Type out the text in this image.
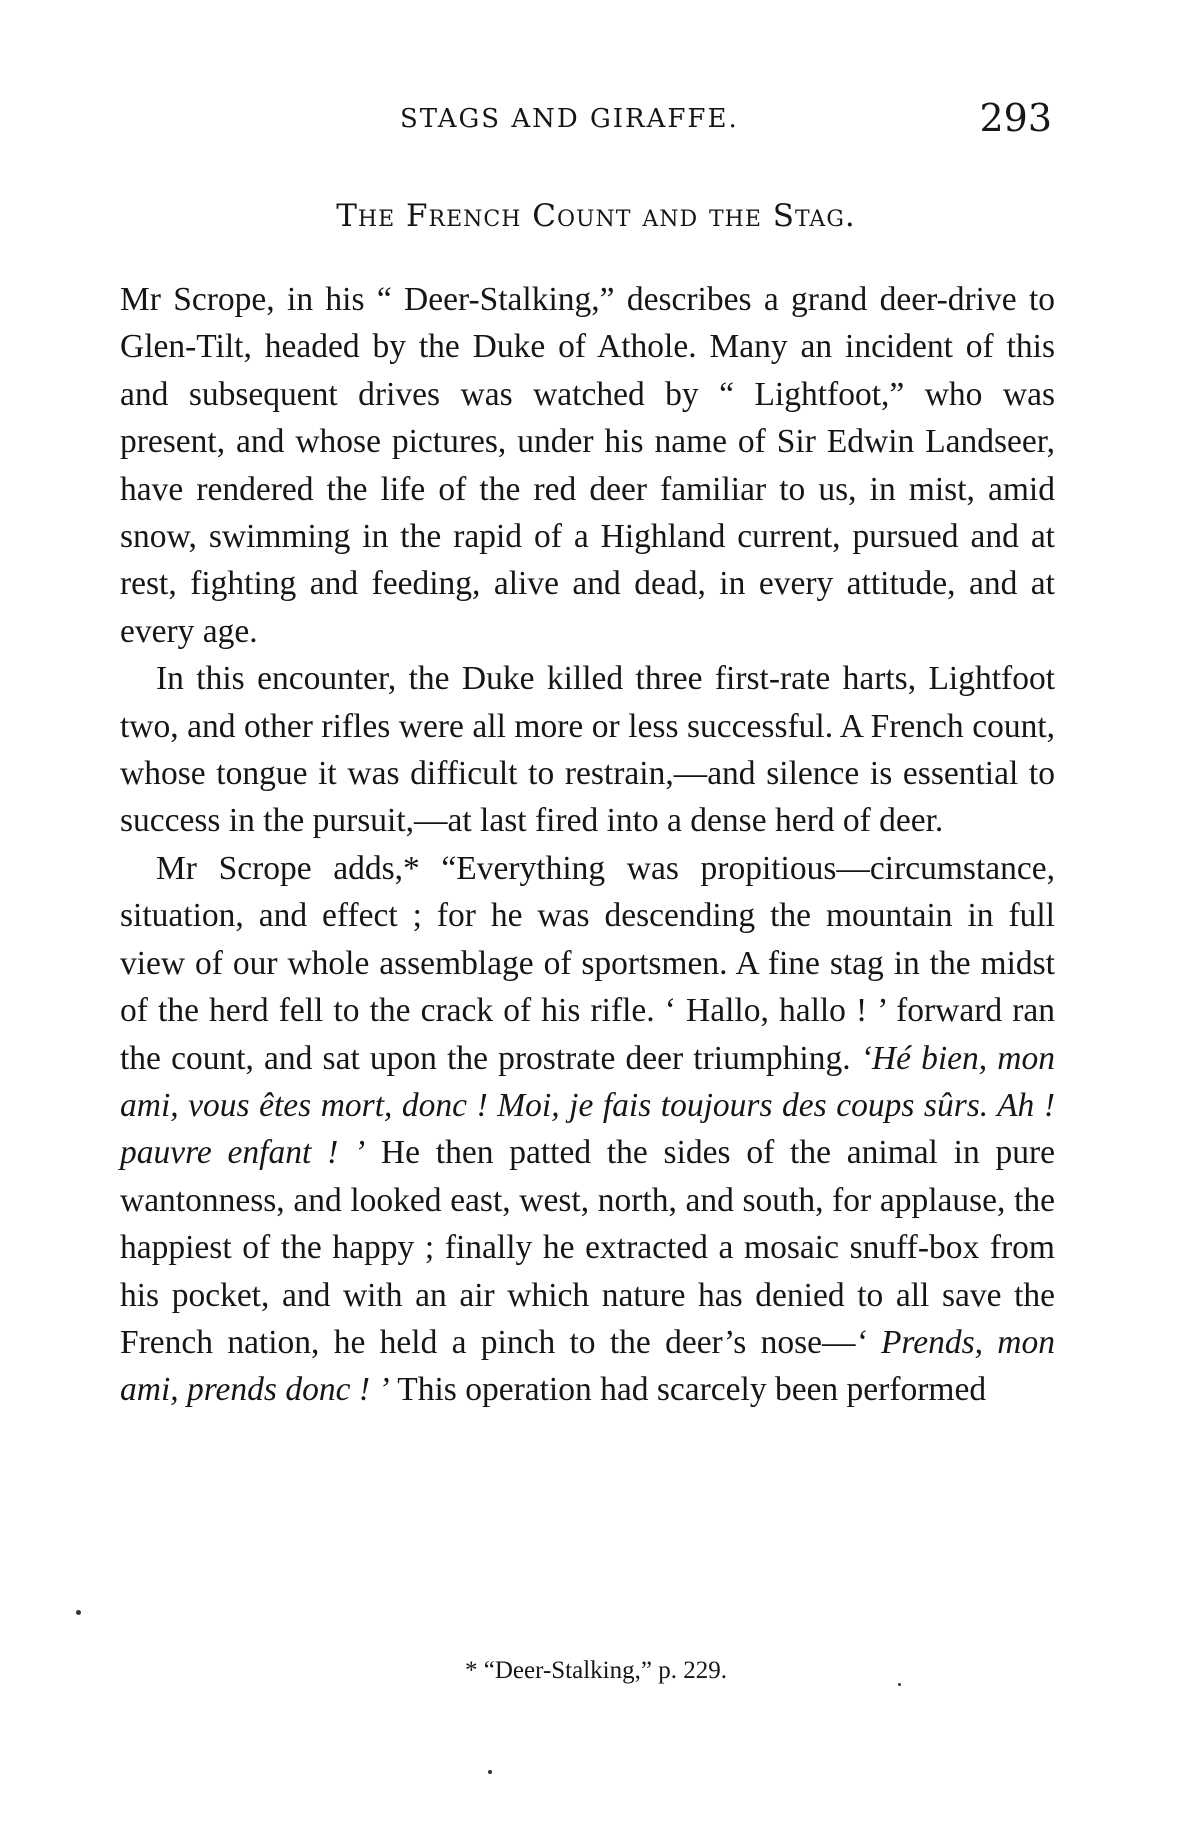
STAGS AND GIRAFFE.	293
The French Count and the Stag.

Mr Scrope, in his “ Deer-Stalking,” describes a grand deer-drive to Glen-Tilt, headed by the Duke of Athole. Many an incident of this and subsequent drives was watched by “ Lightfoot,” who was present, and whose pictures, under his name of Sir Edwin Landseer, have rendered the life of the red deer familiar to us, in mist, amid snow, swimming in the rapid of a Highland current, pursued and at rest, fighting and feeding, alive and dead, in every attitude, and at every age.

In this encounter, the Duke killed three first-rate harts, Lightfoot two, and other rifles were all more or less successful. A French count, whose tongue it was difficult to restrain,—and silence is essential to success in the pursuit,—at last fired into a dense herd of deer.

Mr Scrope adds,* “Everything was propitious—circumstance, situation, and effect ; for he was descending the mountain in full view of our whole assemblage of sportsmen. A fine stag in the midst of the herd fell to the crack of his rifle. ‘ Hallo, hallo ! ’ forward ran the count, and sat upon the prostrate deer triumphing. ‘Hé bien, mon ami, vous êtes mort, donc ! Moi, je fais toujours des coups sûrs. Ah ! pauvre enfant ! ’ He then patted the sides of the animal in pure wantonness, and looked east, west, north, and south, for applause, the happiest of the happy ; finally he extracted a mosaic snuff-box from his pocket, and with an air which nature has denied to all save the French nation, he held a pinch to the deer’s nose—‘ Prends, mon ami, prends donc ! ’ This operation had scarcely been performed

* “Deer-Stalking,” p. 229.
